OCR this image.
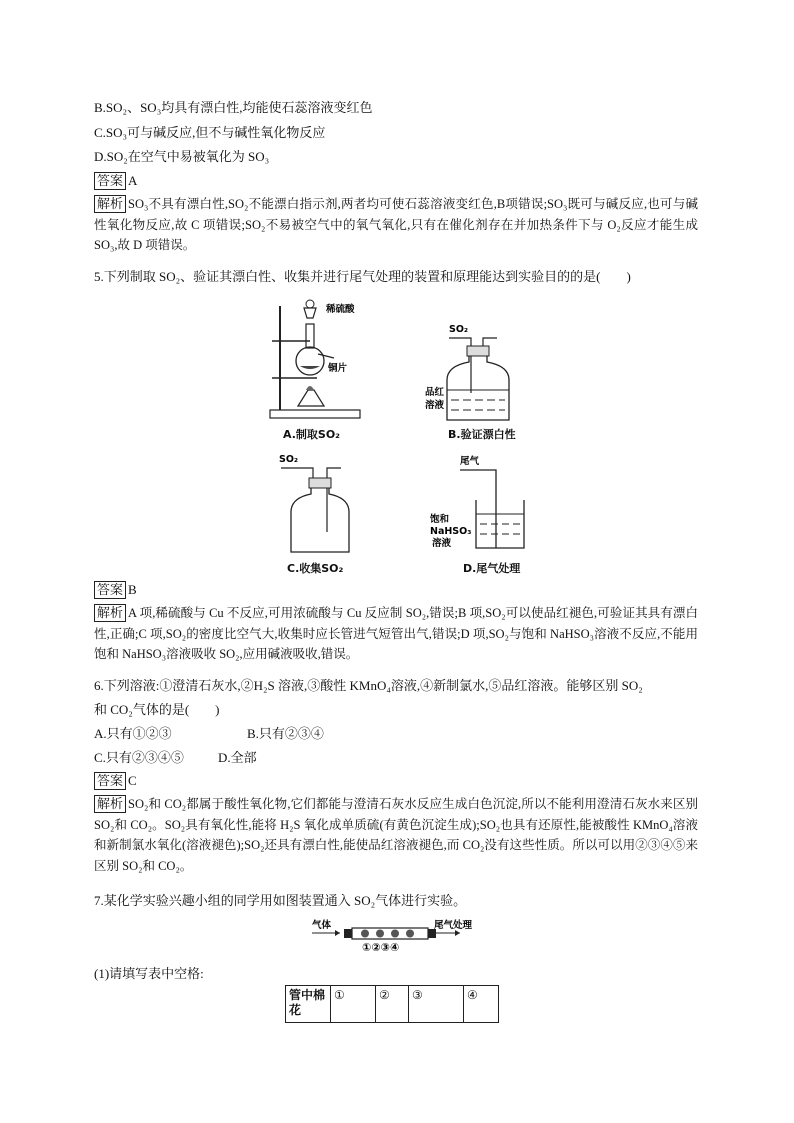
B.SO₂、SO₃均具有漂白性,均能使石蕊溶液变红色
C.SO₃可与碱反应,但不与碱性氧化物反应
D.SO₂在空气中易被氧化为 SO₃
答案 A
解析 SO₃不具有漂白性,SO₂不能漂白指示剂,两者均可使石蕊溶液变红色,B项错误;SO₃既可与碱反应,也可与碱性氧化物反应,故 C 项错误;SO₂不易被空气中的氧气氧化,只有在催化剂存在并加热条件下与 O₂反应才能生成 SO₃,故 D 项错误。
5.下列制取 SO₂、验证其漂白性、收集并进行尾气处理的装置和原理能达到实验目的的是(　　)
稀硫酸
铜片
A.制取SO₂
SO₂
品红
溶液
B.验证漂白性
SO₂
C.收集SO₂
尾气
饱和
NaHSO₃
溶液
D.尾气处理
答案 B
解析 A 项,稀硫酸与 Cu 不反应,可用浓硫酸与 Cu 反应制 SO₂,错误;B 项,SO₂可以使品红褪色,可验证其具有漂白性,正确;C 项,SO₂的密度比空气大,收集时应长管进气短管出气,错误;D 项,SO₂与饱和 NaHSO₃溶液不反应,不能用饱和 NaHSO₃溶液吸收 SO₂,应用碱液吸收,错误。
6.下列溶液:①澄清石灰水,②H₂S 溶液,③酸性 KMnO₄溶液,④新制氯水,⑤品红溶液。能够区别 SO₂
和 CO₂气体的是(　　)
A.只有①②③	B.只有②③④
C.只有②③④⑤	D.全部
答案 C
解析 SO₂和 CO₂都属于酸性氧化物,它们都能与澄清石灰水反应生成白色沉淀,所以不能利用澄清石灰水来区别 SO₂和 CO₂。SO₂具有氧化性,能将 H₂S 氧化成单质硫(有黄色沉淀生成);SO₂也具有还原性,能被酸性 KMnO₄溶液和新制氯水氧化(溶液褪色);SO₂还具有漂白性,能使品红溶液褪色,而 CO₂没有这些性质。所以可以用②③④⑤来区别 SO₂和 CO₂。
7.某化学实验兴趣小组的同学用如图装置通入 SO₂气体进行实验。
气体	尾气处理
①②③④
(1)请填写表中空格:
管中棉花	①	②	③	④
